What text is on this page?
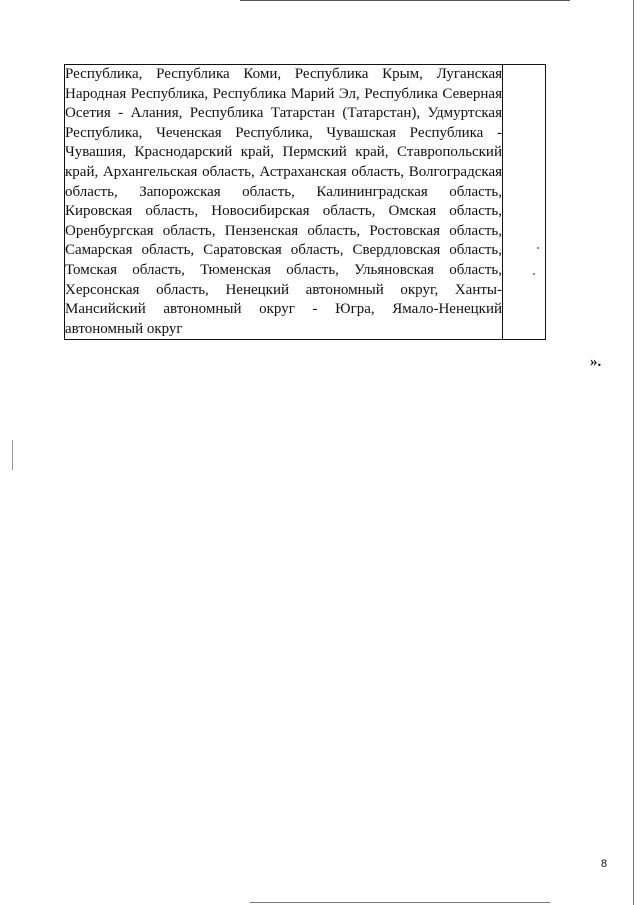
Республика, Республика Коми, Республика Крым, Луганская Народная Республика, Республика Марий Эл, Республика Северная Осетия - Алания, Республика Татарстан (Татарстан), Удмуртская Республика, Чеченская Республика, Чувашская Республика - Чувашия, Краснодарский край, Пермский край, Ставропольский край, Архангельская область, Астраханская область, Волгоградская область, Запорожская область, Калининградская область, Кировская область, Новосибирская область, Омская область, Оренбургская область, Пензенская область, Ростовская область, Самарская область, Саратовская область, Свердловская область, Томская область, Тюменская область, Ульяновская область, Херсонская область, Ненецкий автономный округ, Ханты-Мансийский автономный округ - Югра, Ямало-Ненецкий автономный округ

».

8
